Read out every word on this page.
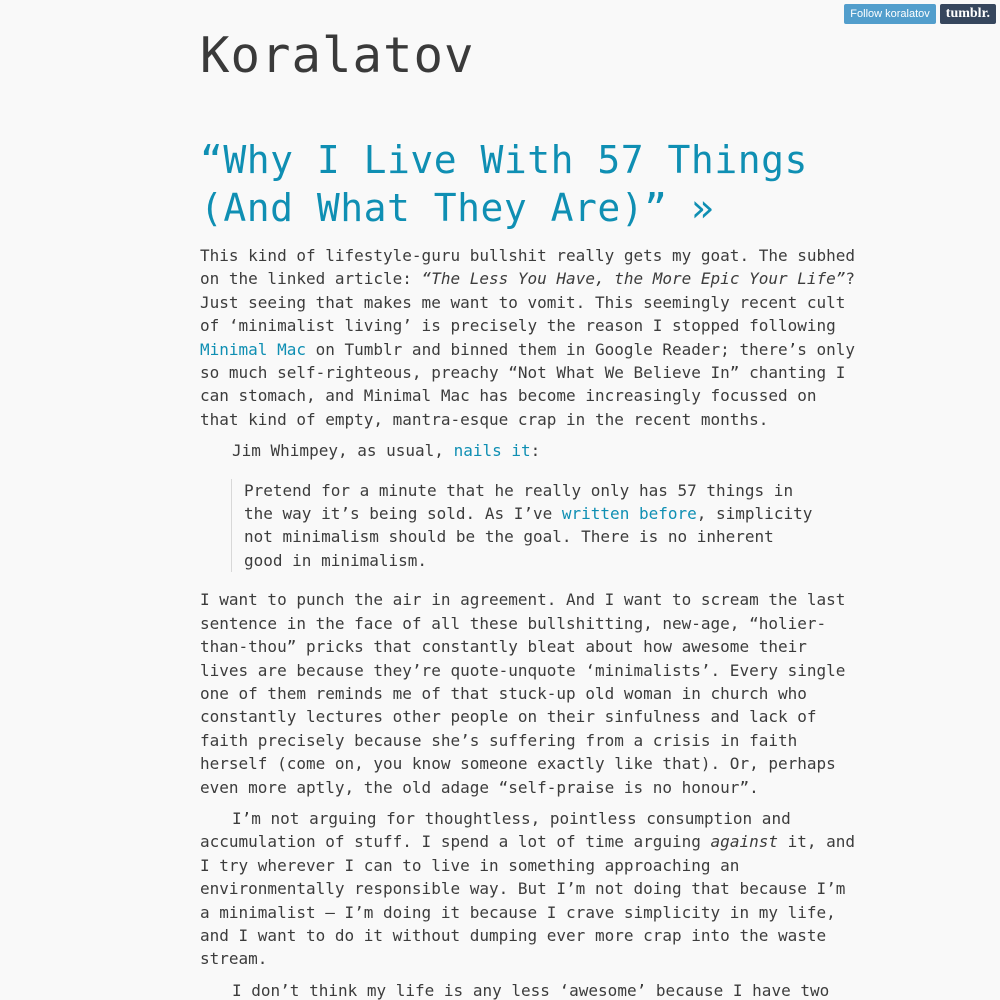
Follow koralatov	tumblr.
Koralatov
“Why I Live With 57 Things
(And What They Are)” »

This kind of lifestyle-guru bullshit really gets my goat. The subhed
on the linked article: “The Less You Have, the More Epic Your Life”?
Just seeing that makes me want to vomit. This seemingly recent cult
of ‘minimalist living’ is precisely the reason I stopped following
Minimal Mac on Tumblr and binned them in Google Reader; there’s only
so much self-righteous, preachy “Not What We Believe In” chanting I
can stomach, and Minimal Mac has become increasingly focussed on
that kind of empty, mantra-esque crap in the recent months.

Jim Whimpey, as usual, nails it:

Pretend for a minute that he really only has 57 things in
the way it’s being sold. As I’ve written before, simplicity
not minimalism should be the goal. There is no inherent
good in minimalism.

I want to punch the air in agreement. And I want to scream the last
sentence in the face of all these bullshitting, new-age, “holier-
than-thou” pricks that constantly bleat about how awesome their
lives are because they’re quote-unquote ‘minimalists’. Every single
one of them reminds me of that stuck-up old woman in church who
constantly lectures other people on their sinfulness and lack of
faith precisely because she’s suffering from a crisis in faith
herself (come on, you know someone exactly like that). Or, perhaps
even more aptly, the old adage “self-praise is no honour”.

I’m not arguing for thoughtless, pointless consumption and
accumulation of stuff. I spend a lot of time arguing against it, and
I try wherever I can to live in something approaching an
environmentally responsible way. But I’m not doing that because I’m
a minimalist — I’m doing it because I crave simplicity in my life,
and I want to do it without dumping ever more crap into the waste
stream.

I don’t think my life is any less ‘awesome’ because I have two
